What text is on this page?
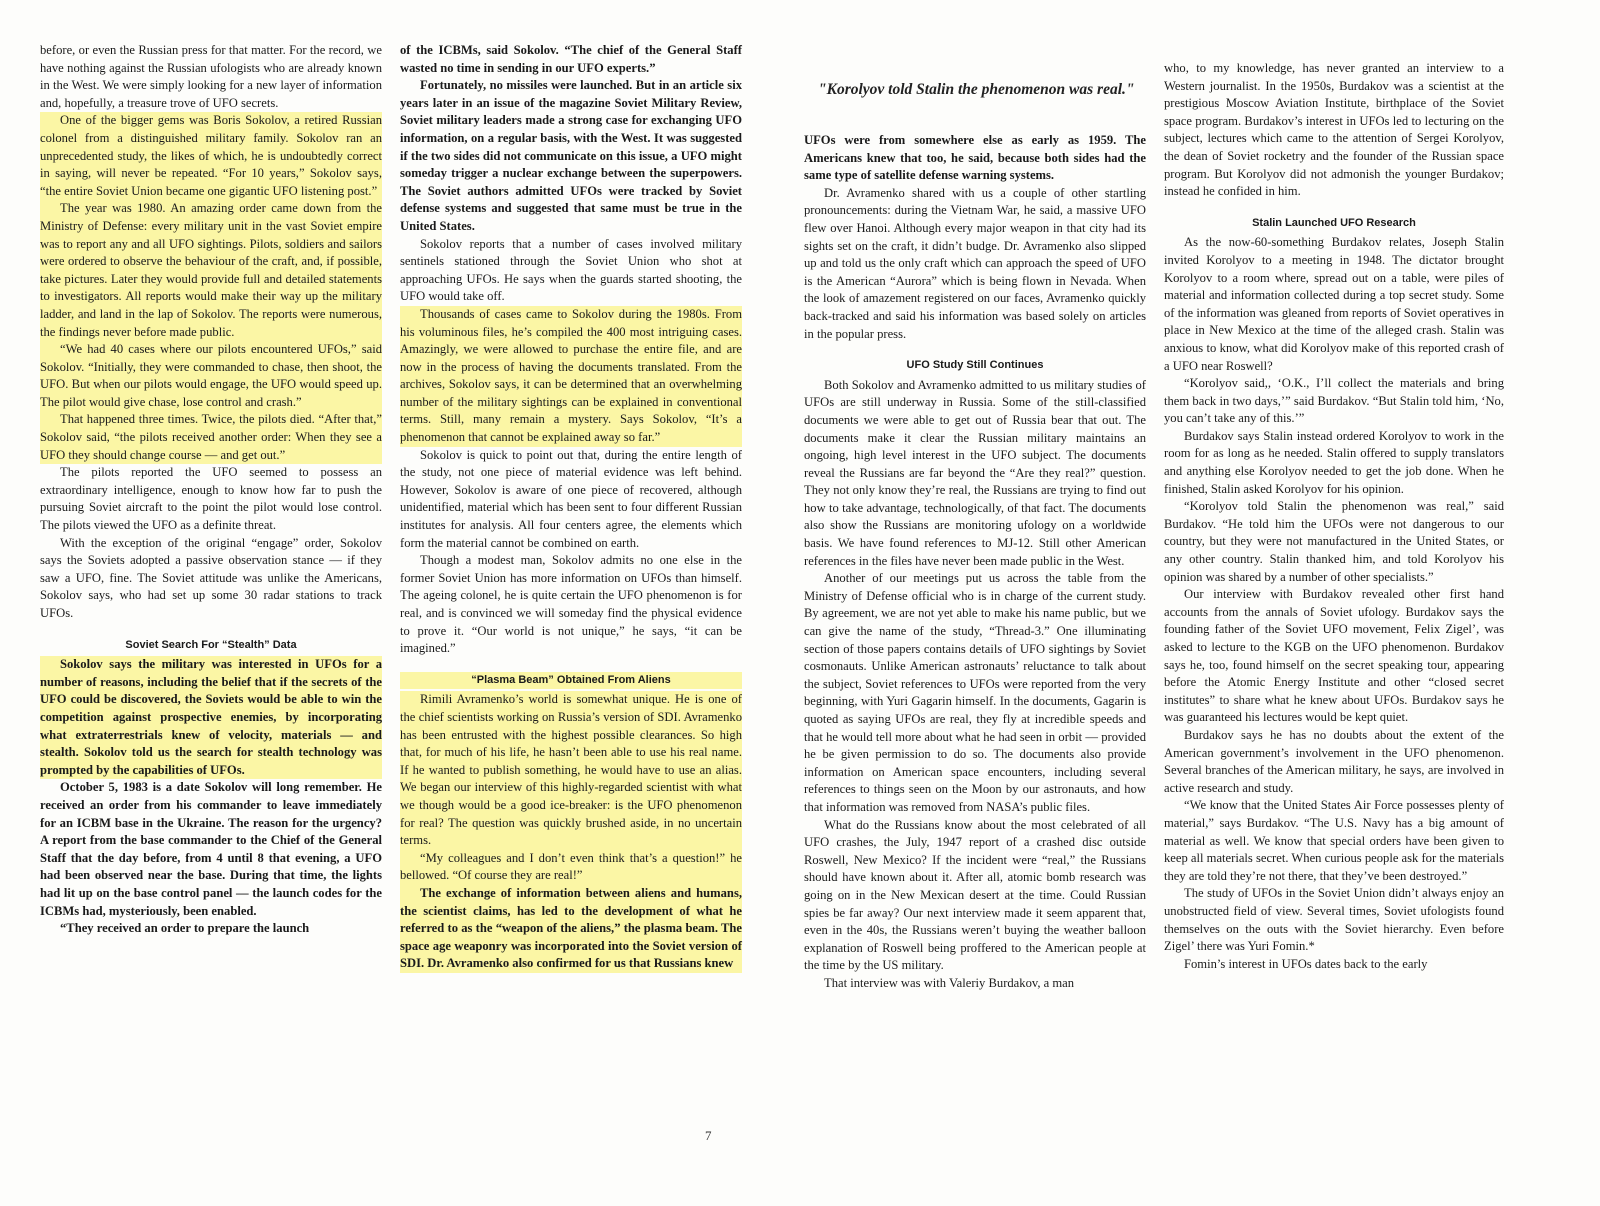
before, or even the Russian press for that matter. For the record, we have nothing against the Russian ufologists who are already known in the West. We were simply looking for a new layer of information and, hopefully, a treasure trove of UFO secrets.

One of the bigger gems was Boris Sokolov, a retired Russian colonel from a distinguished military family. Sokolov ran an unprecedented study, the likes of which, he is undoubtedly correct in saying, will never be repeated. “For 10 years,” Sokolov says, “the entire Soviet Union became one gigantic UFO listening post.”

The year was 1980. An amazing order came down from the Ministry of Defense: every military unit in the vast Soviet empire was to report any and all UFO sightings. Pilots, soldiers and sailors were ordered to observe the behaviour of the craft, and, if possible, take pictures. Later they would provide full and detailed statements to investigators. All reports would make their way up the military ladder, and land in the lap of Sokolov. The reports were numerous, the findings never before made public.

“We had 40 cases where our pilots encountered UFOs,” said Sokolov. “Initially, they were commanded to chase, then shoot, the UFO. But when our pilots would engage, the UFO would speed up. The pilot would give chase, lose control and crash.”

That happened three times. Twice, the pilots died. “After that,” Sokolov said, “the pilots received another order: When they see a UFO they should change course — and get out.”

The pilots reported the UFO seemed to possess an extraordinary intelligence, enough to know how far to push the pursuing Soviet aircraft to the point the pilot would lose control. The pilots viewed the UFO as a definite threat.

With the exception of the original “engage” order, Sokolov says the Soviets adopted a passive observation stance — if they saw a UFO, fine. The Soviet attitude was unlike the Americans, Sokolov says, who had set up some 30 radar stations to track UFOs.

Soviet Search For “Stealth” Data

Sokolov says the military was interested in UFOs for a number of reasons, including the belief that if the secrets of the UFO could be discovered, the Soviets would be able to win the competition against prospective enemies, by incorporating what extraterrestrials knew of velocity, materials — and stealth. Sokolov told us the search for stealth technology was prompted by the capabilities of UFOs.

October 5, 1983 is a date Sokolov will long remember. He received an order from his commander to leave immediately for an ICBM base in the Ukraine. The reason for the urgency? A report from the base commander to the Chief of the General Staff that the day before, from 4 until 8 that evening, a UFO had been observed near the base. During that time, the lights had lit up on the base control panel — the launch codes for the ICBMs had, mysteriously, been enabled.

“They received an order to prepare the launch

of the ICBMs, said Sokolov. “The chief of the General Staff wasted no time in sending in our UFO experts.”

Fortunately, no missiles were launched. But in an article six years later in an issue of the magazine Soviet Military Review, Soviet military leaders made a strong case for exchanging UFO information, on a regular basis, with the West. It was suggested if the two sides did not communicate on this issue, a UFO might someday trigger a nuclear exchange between the superpowers. The Soviet authors admitted UFOs were tracked by Soviet defense systems and suggested that same must be true in the United States.

Sokolov reports that a number of cases involved military sentinels stationed through the Soviet Union who shot at approaching UFOs. He says when the guards started shooting, the UFO would take off.

Thousands of cases came to Sokolov during the 1980s. From his voluminous files, he’s compiled the 400 most intriguing cases. Amazingly, we were allowed to purchase the entire file, and are now in the process of having the documents translated. From the archives, Sokolov says, it can be determined that an overwhelming number of the military sightings can be explained in conventional terms. Still, many remain a mystery. Says Sokolov, “It’s a phenomenon that cannot be explained away so far.”

Sokolov is quick to point out that, during the entire length of the study, not one piece of material evidence was left behind. However, Sokolov is aware of one piece of recovered, although unidentified, material which has been sent to four different Russian institutes for analysis. All four centers agree, the elements which form the material cannot be combined on earth.

Though a modest man, Sokolov admits no one else in the former Soviet Union has more information on UFOs than himself. The ageing colonel, he is quite certain the UFO phenomenon is for real, and is convinced we will someday find the physical evidence to prove it. “Our world is not unique,” he says, “it can be imagined.”

“Plasma Beam” Obtained From Aliens

Rimili Avramenko’s world is somewhat unique. He is one of the chief scientists working on Russia’s version of SDI. Avramenko has been entrusted with the highest possible clearances. So high that, for much of his life, he hasn’t been able to use his real name. If he wanted to publish something, he would have to use an alias. We began our interview of this highly-regarded scientist with what we though would be a good ice-breaker: is the UFO phenomenon for real? The question was quickly brushed aside, in no uncertain terms.

“My colleagues and I don’t even think that’s a question!” he bellowed. “Of course they are real!”

The exchange of information between aliens and humans, the scientist claims, has led to the development of what he referred to as the “weapon of the aliens,” the plasma beam. The space age weaponry was incorporated into the Soviet version of SDI. Dr. Avramenko also confirmed for us that Russians knew

7
"Korolyov told Stalin the phenomenon was real."

UFOs were from somewhere else as early as 1959. The Americans knew that too, he said, because both sides had the same type of satellite defense warning systems.

Dr. Avramenko shared with us a couple of other startling pronouncements: during the Vietnam War, he said, a massive UFO flew over Hanoi. Although every major weapon in that city had its sights set on the craft, it didn’t budge. Dr. Avramenko also slipped up and told us the only craft which can approach the speed of UFO is the American “Aurora” which is being flown in Nevada. When the look of amazement registered on our faces, Avramenko quickly back-tracked and said his information was based solely on articles in the popular press.

UFO Study Still Continues

Both Sokolov and Avramenko admitted to us military studies of UFOs are still underway in Russia. Some of the still-classified documents we were able to get out of Russia bear that out. The documents make it clear the Russian military maintains an ongoing, high level interest in the UFO subject. The documents reveal the Russians are far beyond the “Are they real?” question. They not only know they’re real, the Russians are trying to find out how to take advantage, technologically, of that fact. The documents also show the Russians are monitoring ufology on a worldwide basis. We have found references to MJ-12. Still other American references in the files have never been made public in the West.

Another of our meetings put us across the table from the Ministry of Defense official who is in charge of the current study. By agreement, we are not yet able to make his name public, but we can give the name of the study, “Thread-3.” One illuminating section of those papers contains details of UFO sightings by Soviet cosmonauts. Unlike American astronauts’ reluctance to talk about the subject, Soviet references to UFOs were reported from the very beginning, with Yuri Gagarin himself. In the documents, Gagarin is quoted as saying UFOs are real, they fly at incredible speeds and that he would tell more about what he had seen in orbit — provided he be given permission to do so. The documents also provide information on American space encounters, including several references to things seen on the Moon by our astronauts, and how that information was removed from NASA’s public files.

What do the Russians know about the most celebrated of all UFO crashes, the July, 1947 report of a crashed disc outside Roswell, New Mexico? If the incident were “real,” the Russians should have known about it. After all, atomic bomb research was going on in the New Mexican desert at the time. Could Russian spies be far away? Our next interview made it seem apparent that, even in the 40s, the Russians weren’t buying the weather balloon explanation of Roswell being proffered to the American people at the time by the US military.

That interview was with Valeriy Burdakov, a man

who, to my knowledge, has never granted an interview to a Western journalist. In the 1950s, Burdakov was a scientist at the prestigious Moscow Aviation Institute, birthplace of the Soviet space program. Burdakov’s interest in UFOs led to lecturing on the subject, lectures which came to the attention of Sergei Korolyov, the dean of Soviet rocketry and the founder of the Russian space program. But Korolyov did not admonish the younger Burdakov; instead he confided in him.

Stalin Launched UFO Research

As the now-60-something Burdakov relates, Joseph Stalin invited Korolyov to a meeting in 1948. The dictator brought Korolyov to a room where, spread out on a table, were piles of material and information collected during a top secret study. Some of the information was gleaned from reports of Soviet operatives in place in New Mexico at the time of the alleged crash. Stalin was anxious to know, what did Korolyov make of this reported crash of a UFO near Roswell?

“Korolyov said,, ‘O.K., I’ll collect the materials and bring them back in two days,’” said Burdakov. “But Stalin told him, ‘No, you can’t take any of this.’”

Burdakov says Stalin instead ordered Korolyov to work in the room for as long as he needed. Stalin offered to supply translators and anything else Korolyov needed to get the job done. When he finished, Stalin asked Korolyov for his opinion.

“Korolyov told Stalin the phenomenon was real,” said Burdakov. “He told him the UFOs were not dangerous to our country, but they were not manufactured in the United States, or any other country. Stalin thanked him, and told Korolyov his opinion was shared by a number of other specialists.”

Our interview with Burdakov revealed other first hand accounts from the annals of Soviet ufology. Burdakov says the founding father of the Soviet UFO movement, Felix Zigel’, was asked to lecture to the KGB on the UFO phenomenon. Burdakov says he, too, found himself on the secret speaking tour, appearing before the Atomic Energy Institute and other “closed secret institutes” to share what he knew about UFOs. Burdakov says he was guaranteed his lectures would be kept quiet.

Burdakov says he has no doubts about the extent of the American government’s involvement in the UFO phenomenon. Several branches of the American military, he says, are involved in active research and study.

“We know that the United States Air Force possesses plenty of material,” says Burdakov. “The U.S. Navy has a big amount of material as well. We know that special orders have been given to keep all materials secret. When curious people ask for the materials they are told they’re not there, that they’ve been destroyed.”

The study of UFOs in the Soviet Union didn’t always enjoy an unobstructed field of view. Several times, Soviet ufologists found themselves on the outs with the Soviet hierarchy. Even before Zigel’ there was Yuri Fomin.*

Fomin’s interest in UFOs dates back to the early
